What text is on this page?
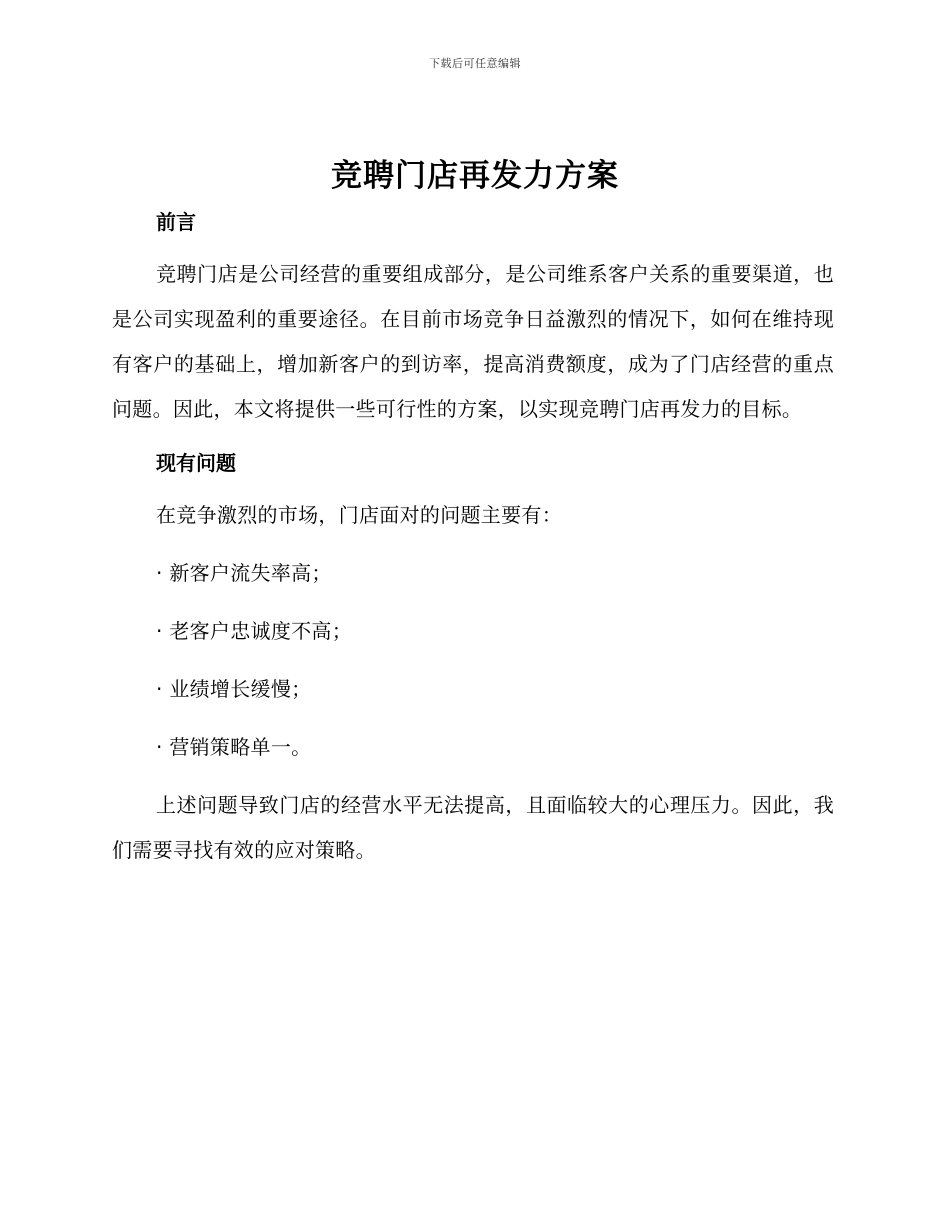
下载后可任意编辑
竞聘门店再发力方案
前言

竞聘门店是公司经营的重要组成部分，是公司维系客户关系的重要渠道，也是公司实现盈利的重要途径。在目前市场竞争日益激烈的情况下，如何在维持现有客户的基础上，增加新客户的到访率，提高消费额度，成为了门店经营的重点问题。因此，本文将提供一些可行性的方案，以实现竞聘门店再发力的目标。

现有问题

在竞争激烈的市场，门店面对的问题主要有：

· 新客户流失率高；

· 老客户忠诚度不高；

· 业绩增长缓慢；

· 营销策略单一。

上述问题导致门店的经营水平无法提高，且面临较大的心理压力。因此，我们需要寻找有效的应对策略。
